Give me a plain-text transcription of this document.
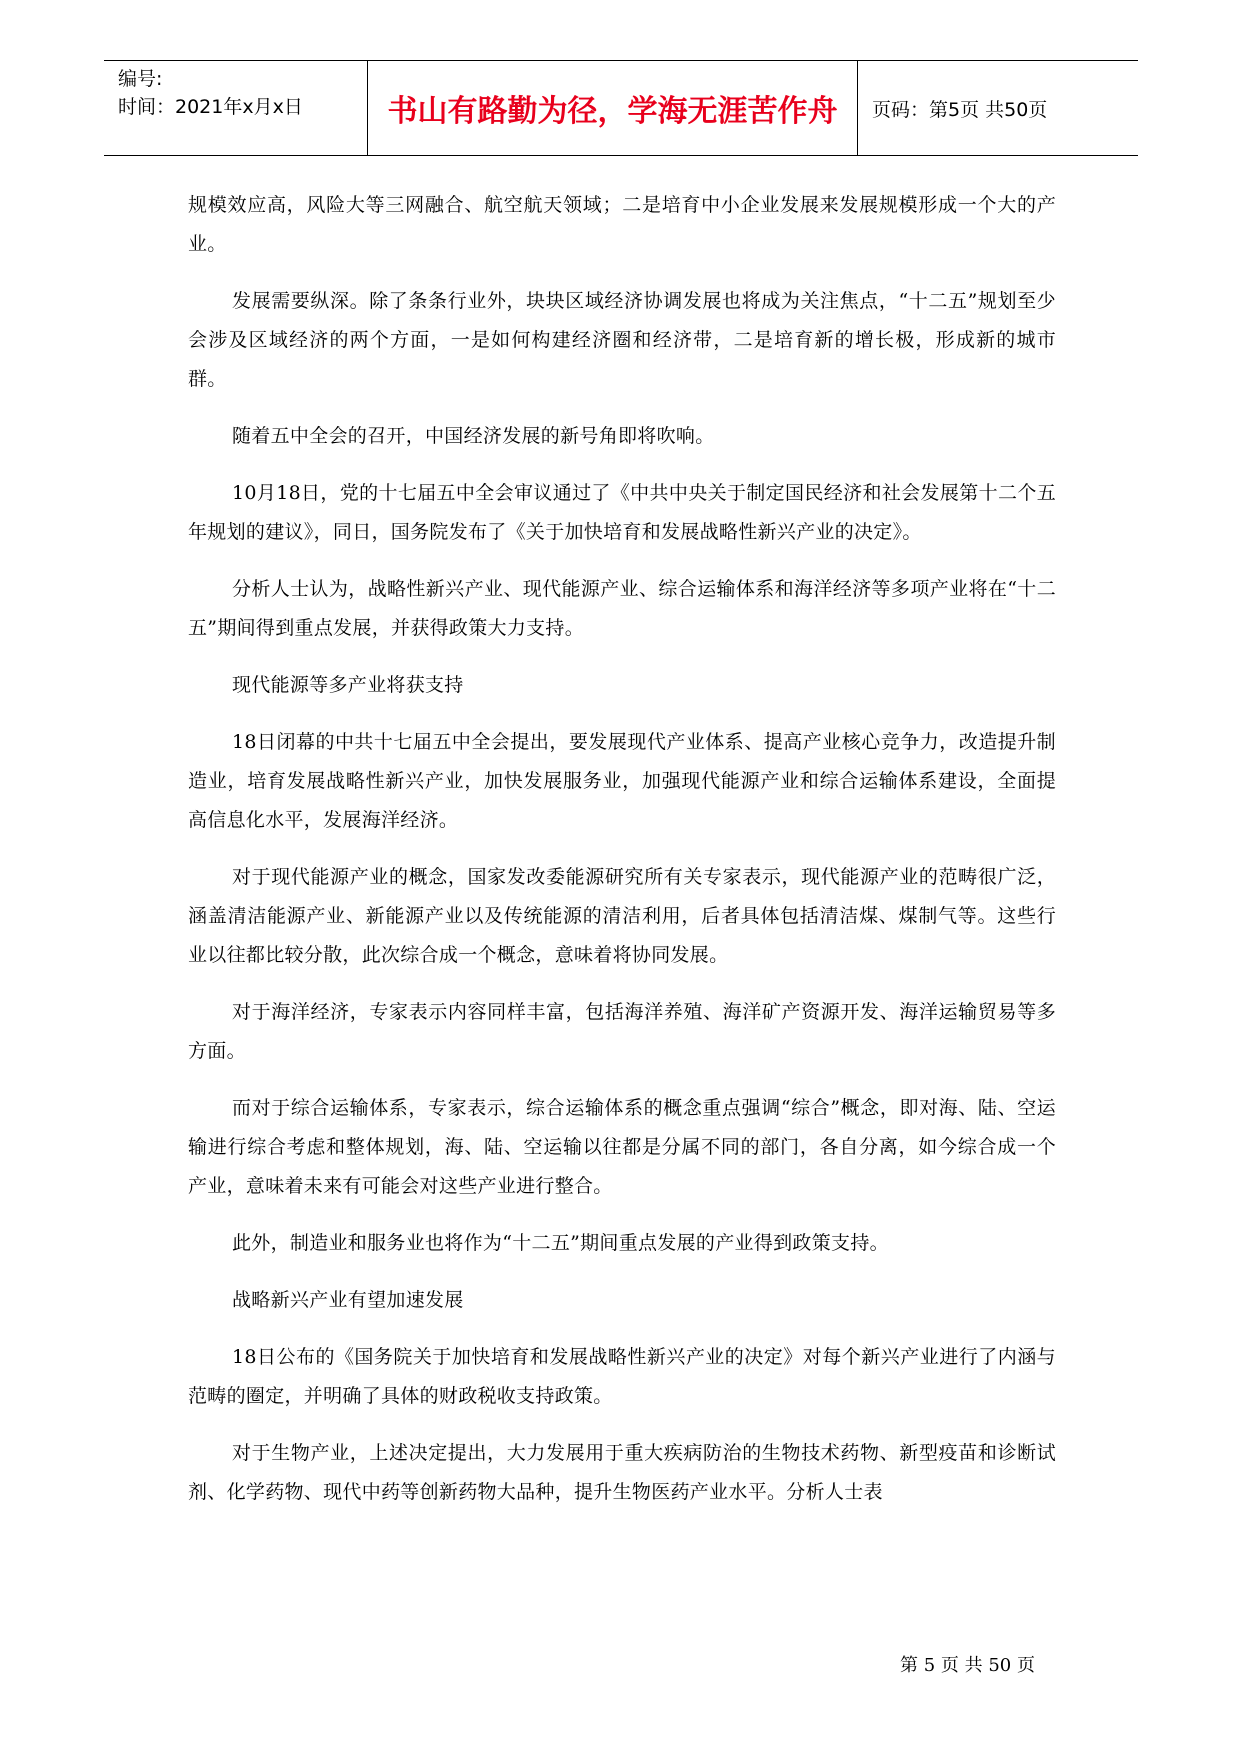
编号:
时间：2021年x月x日	书山有路勤为径，学海无涯苦作舟	页码：第5页 共50页

规模效应高，风险大等三网融合、航空航天领域；二是培育中小企业发展来发展规模形成一个大的产业。

发展需要纵深。除了条条行业外，块块区域经济协调发展也将成为关注焦点，“十二五”规划至少会涉及区域经济的两个方面，一是如何构建经济圈和经济带，二是培育新的增长极，形成新的城市群。

随着五中全会的召开，中国经济发展的新号角即将吹响。

10月18日，党的十七届五中全会审议通过了《中共中央关于制定国民经济和社会发展第十二个五年规划的建议》，同日，国务院发布了《关于加快培育和发展战略性新兴产业的决定》。

分析人士认为，战略性新兴产业、现代能源产业、综合运输体系和海洋经济等多项产业将在“十二五”期间得到重点发展，并获得政策大力支持。

现代能源等多产业将获支持

18日闭幕的中共十七届五中全会提出，要发展现代产业体系、提高产业核心竞争力，改造提升制造业，培育发展战略性新兴产业，加快发展服务业，加强现代能源产业和综合运输体系建设，全面提高信息化水平，发展海洋经济。

对于现代能源产业的概念，国家发改委能源研究所有关专家表示，现代能源产业的范畴很广泛，涵盖清洁能源产业、新能源产业以及传统能源的清洁利用，后者具体包括清洁煤、煤制气等。这些行业以往都比较分散，此次综合成一个概念，意味着将协同发展。

对于海洋经济，专家表示内容同样丰富，包括海洋养殖、海洋矿产资源开发、海洋运输贸易等多方面。

而对于综合运输体系，专家表示，综合运输体系的概念重点强调“综合”概念，即对海、陆、空运输进行综合考虑和整体规划，海、陆、空运输以往都是分属不同的部门，各自分离，如今综合成一个产业，意味着未来有可能会对这些产业进行整合。

此外，制造业和服务业也将作为“十二五”期间重点发展的产业得到政策支持。

战略新兴产业有望加速发展

18日公布的《国务院关于加快培育和发展战略性新兴产业的决定》对每个新兴产业进行了内涵与范畴的圈定，并明确了具体的财政税收支持政策。

对于生物产业，上述决定提出，大力发展用于重大疾病防治的生物技术药物、新型疫苗和诊断试剂、化学药物、现代中药等创新药物大品种，提升生物医药产业水平。分析人士表

第 5 页 共 50 页
